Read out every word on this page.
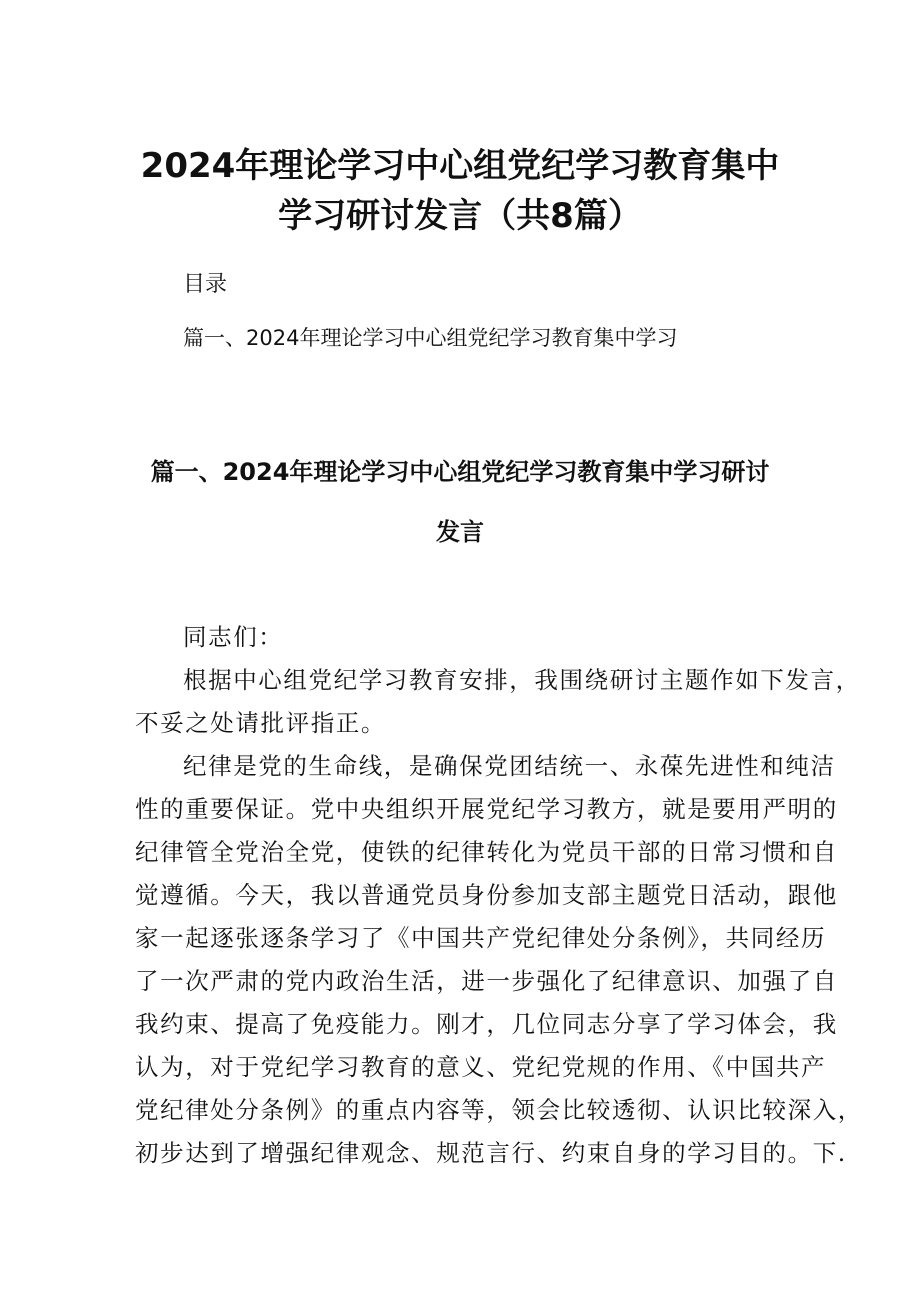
2024年理论学习中心组党纪学习教育集中
学习研讨发言（共8篇）
目录
篇一、2024年理论学习中心组党纪学习教育集中学习
篇一、2024年理论学习中心组党纪学习教育集中学习研讨
发言
同志们：
根据中心组党纪学习教育安排，我围绕研讨主题作如下发言，
不妥之处请批评指正。
纪律是党的生命线，是确保党团结统一、永葆先进性和纯洁
性的重要保证。党中央组织开展党纪学习教方，就是要用严明的
纪律管全党治全党，使铁的纪律转化为党员干部的日常习惯和自
觉遵循。今天，我以普通党员身份参加支部主题党日活动，跟他
家一起逐张逐条学习了《中国共产党纪律处分条例》，共同经历
了一次严肃的党内政治生活，进一步强化了纪律意识、加强了自
我约束、提高了免疫能力。刚才，几位同志分享了学习体会，我
认为，对于党纪学习教育的意义、党纪党规的作用、《中国共产
党纪律处分条例》的重点内容等，领会比较透彻、认识比较深入，
初步达到了增强纪律观念、规范言行、约束自身的学习目的。下.
